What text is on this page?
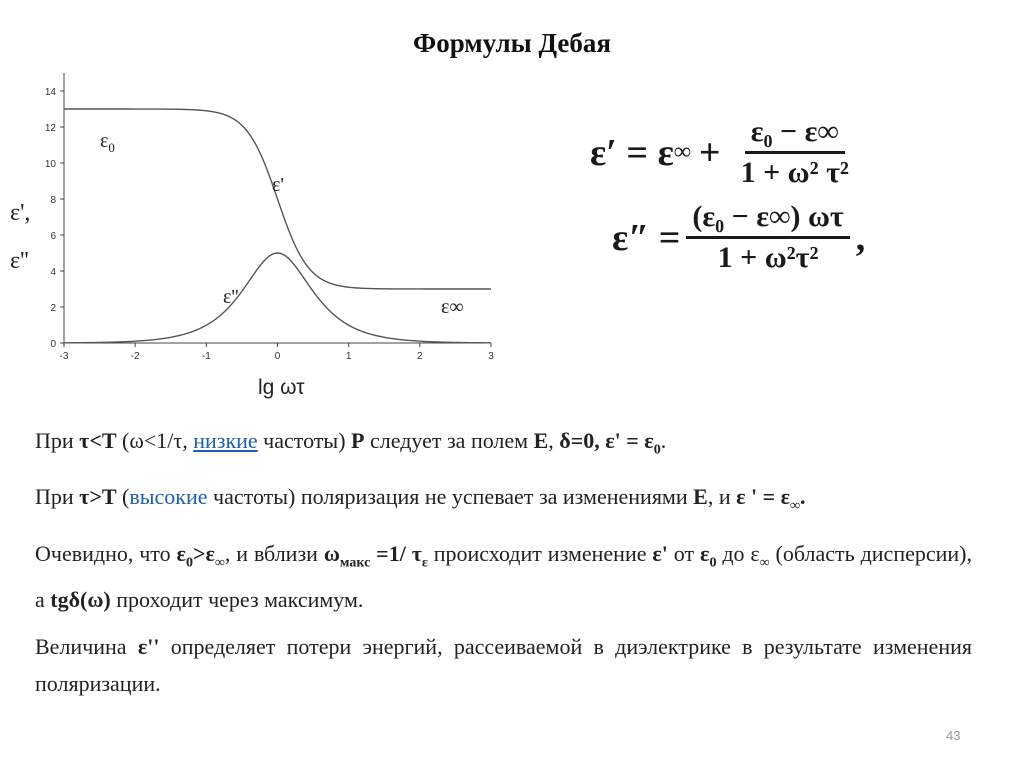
Формулы Дебая
-3	-2	-1	0	1	2	3
0
2
4
6
8
10
12
14
$\varepsilon_0$
ε'
ε''	ε∞
ε',
ε''
lg ωτ
ε′ = ε ∞ + $\frac{\text{ε₀ − ε∞}}{\text{1 + ω² τ²}}$
$\varepsilon'' = \frac{\text{(ε₀ − ε∞) ωτ}}{\text{1 + ω²τ²}}$ ,

При τ<T (ω<1/τ, низкие частоты) Р следует за полем Е, δ=0, $\varepsilon' = \varepsilon_0$.

При τ>T (высокие частоты) поляризация не успевает за изменениями Е, и ε ' = $\varepsilon_\infty$.

Очевидно, что $\varepsilon_0>\varepsilon_\infty$, и вблизи $\omega_{макс} =1/$ $\tau_\varepsilon$ происходит изменение ε' от $\varepsilon_0$ до $\varepsilon_\infty$ (область дисперсии), а tgδ(ω) проходит через максимум.

Величина ε'' определяет потери энергий, рассеиваемой в диэлектрике в результате изменения поляризации.

43
